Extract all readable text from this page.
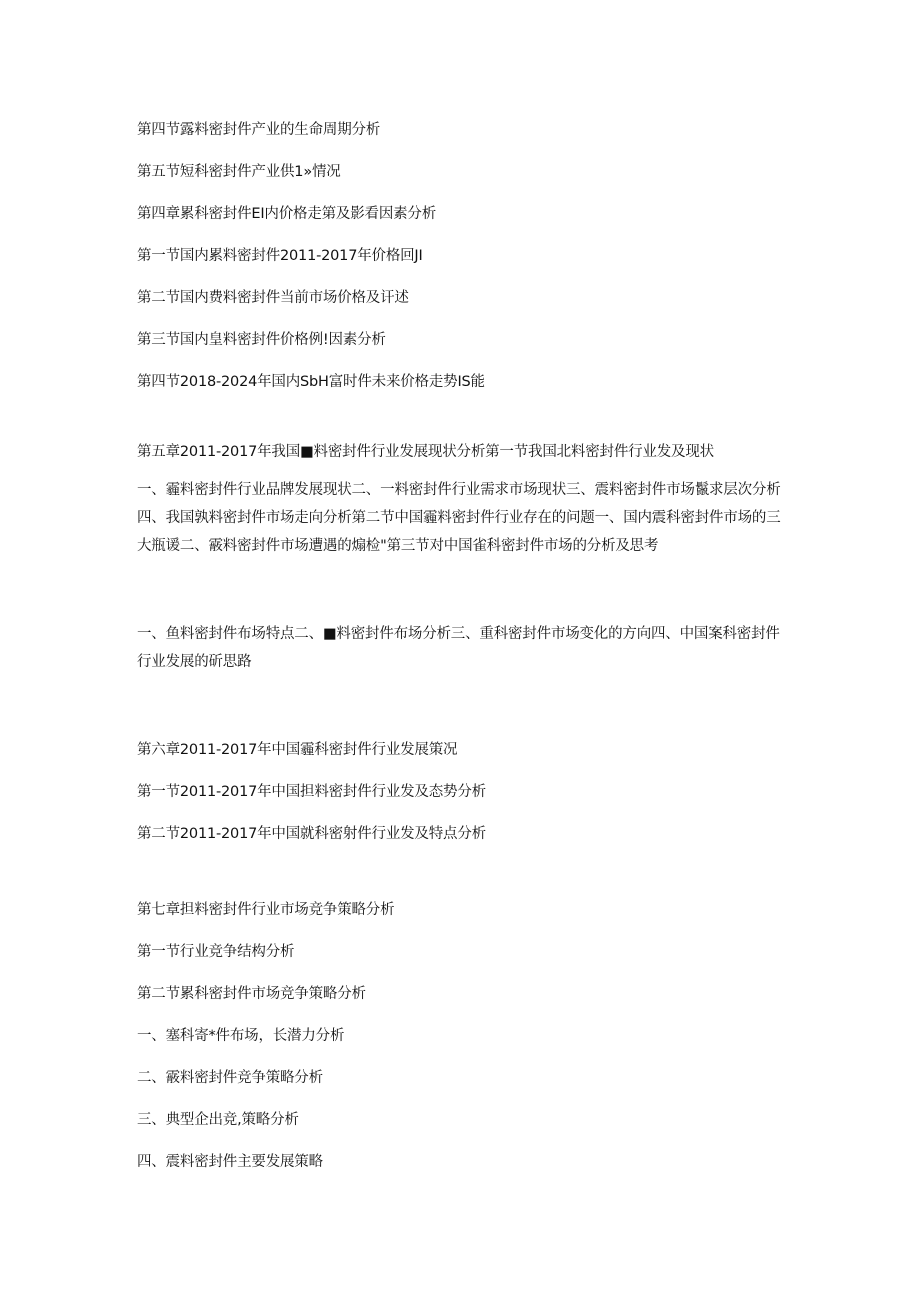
第四节露料密封件产业的生命周期分析
第五节短科密封件产业供1»情况
第四章累科密封件EI内价格走第及影看因素分析
第一节国内累料密封件2011-2017年价格回JI
第二节国内费料密封件当前市场价格及讦述
第三节国内皇料密封件价格例!因素分析
第四节2018-2024年国内SbH富时件未来价格走势IS能
第五章2011-2017年我国■料密封件行业发展现状分析第一节我国北料密封件行业发及现状
一、霾料密封件行业品牌发展现状二、一料密封件行业需求市场现状三、震料密封件市场鬣求层次分析四、我国孰料密封件市场走向分析第二节中国霾料密封件行业存在的问题一、国内震科密封件市场的三大瓶谖二、霰料密封件市场遭遇的煽检"第三节对中国雀科密封件市场的分析及思考
一、鱼料密封件布场特点二、■料密封件布场分析三、重科密封件市场变化的方向四、中国案科密封件行业发展的斫思路
第六章2011-2017年中国霾科密封件行业发展策况
第一节2011-2017年中国担料密封件行业发及态势分析
第二节2011-2017年中国就科密射件行业发及特点分析
第七章担料密封件行业市场竞争策略分析
第一节行业竞争结构分析
第二节累科密封件市场竞争策略分析
一、塞科寄*件布场，长潜力分析
二、霰料密封件竞争策略分析
三、典型企出竞,策略分析
四、震料密封件主要发展策略
